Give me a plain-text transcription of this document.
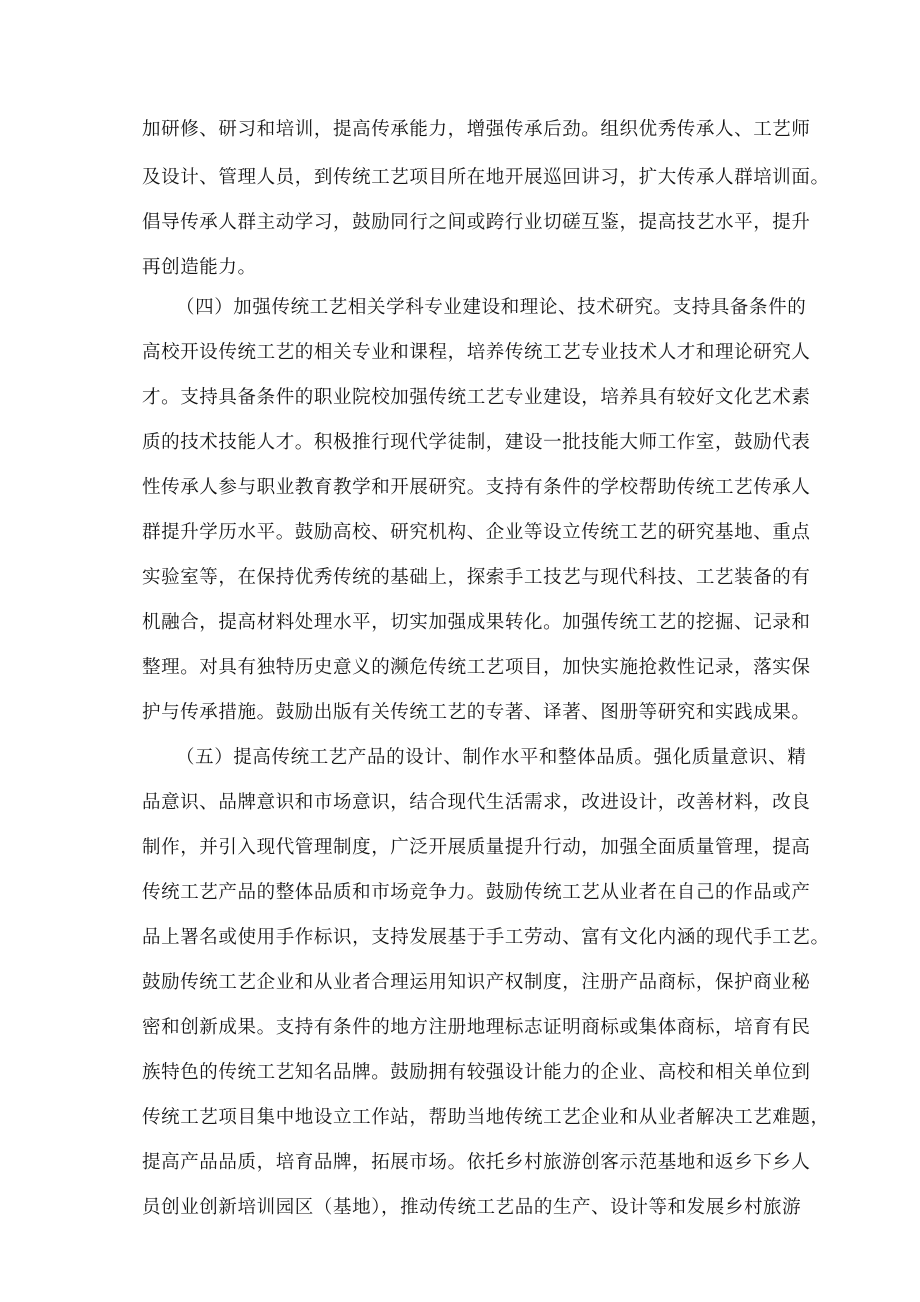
加研修、研习和培训，提高传承能力，增强传承后劲。组织优秀传承人、工艺师
及设计、管理人员，到传统工艺项目所在地开展巡回讲习，扩大传承人群培训面。
倡导传承人群主动学习，鼓励同行之间或跨行业切磋互鉴，提高技艺水平，提升
再创造能力。
（四）加强传统工艺相关学科专业建设和理论、技术研究。支持具备条件的
高校开设传统工艺的相关专业和课程，培养传统工艺专业技术人才和理论研究人
才。支持具备条件的职业院校加强传统工艺专业建设，培养具有较好文化艺术素
质的技术技能人才。积极推行现代学徒制，建设一批技能大师工作室，鼓励代表
性传承人参与职业教育教学和开展研究。支持有条件的学校帮助传统工艺传承人
群提升学历水平。鼓励高校、研究机构、企业等设立传统工艺的研究基地、重点
实验室等，在保持优秀传统的基础上，探索手工技艺与现代科技、工艺装备的有
机融合，提高材料处理水平，切实加强成果转化。加强传统工艺的挖掘、记录和
整理。对具有独特历史意义的濒危传统工艺项目，加快实施抢救性记录，落实保
护与传承措施。鼓励出版有关传统工艺的专著、译著、图册等研究和实践成果。
（五）提高传统工艺产品的设计、制作水平和整体品质。强化质量意识、精
品意识、品牌意识和市场意识，结合现代生活需求，改进设计，改善材料，改良
制作，并引入现代管理制度，广泛开展质量提升行动，加强全面质量管理，提高
传统工艺产品的整体品质和市场竞争力。鼓励传统工艺从业者在自己的作品或产
品上署名或使用手作标识，支持发展基于手工劳动、富有文化内涵的现代手工艺。
鼓励传统工艺企业和从业者合理运用知识产权制度，注册产品商标，保护商业秘
密和创新成果。支持有条件的地方注册地理标志证明商标或集体商标，培育有民
族特色的传统工艺知名品牌。鼓励拥有较强设计能力的企业、高校和相关单位到
传统工艺项目集中地设立工作站，帮助当地传统工艺企业和从业者解决工艺难题，
提高产品品质，培育品牌，拓展市场。依托乡村旅游创客示范基地和返乡下乡人
员创业创新培训园区（基地），推动传统工艺品的生产、设计等和发展乡村旅游
